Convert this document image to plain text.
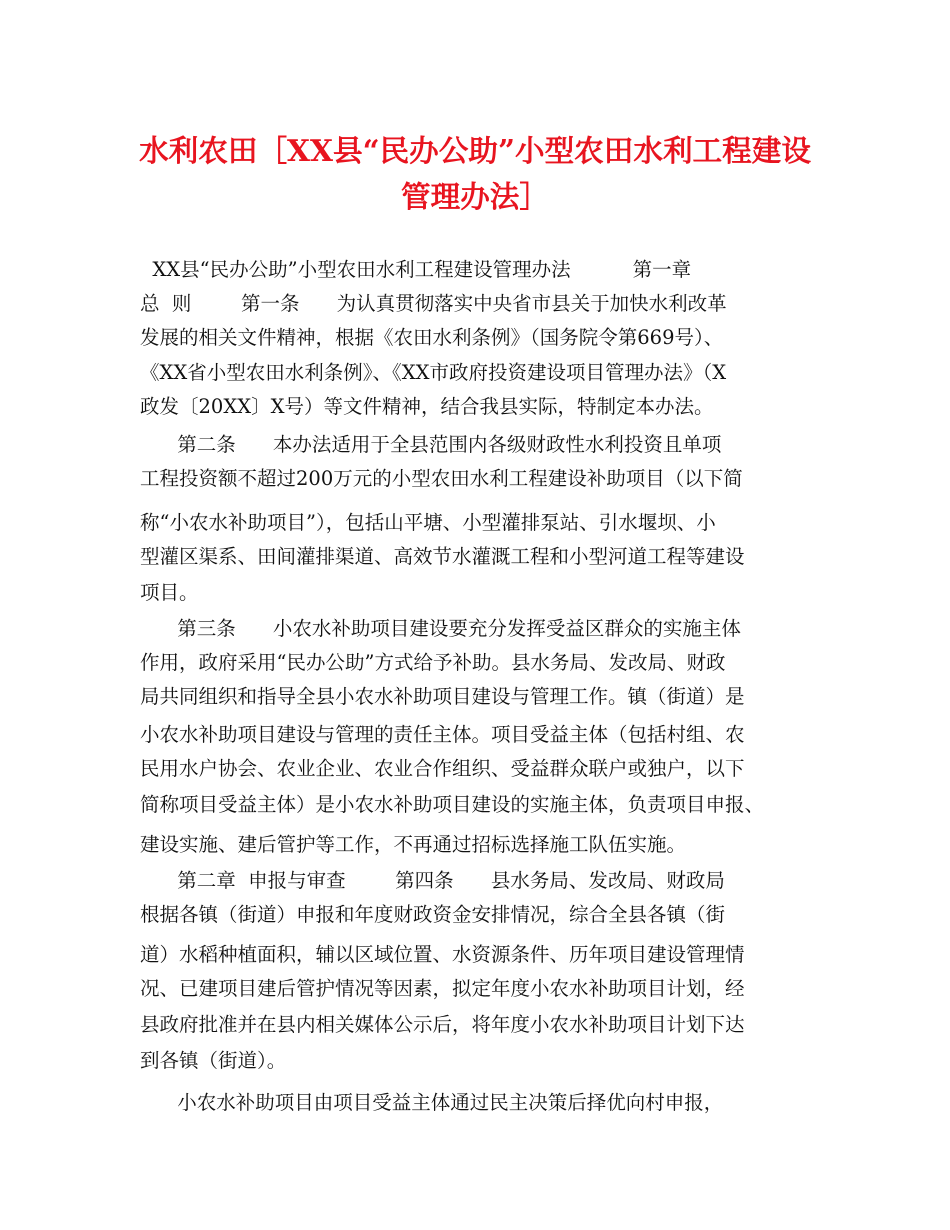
水利农田［XX县“民办公助”小型农田水利工程建设
管理办法］

XX县“民办公助”小型农田水利工程建设管理办法          第一章

总  则        第一条      为认真贯彻落实中央省市县关于加快水利改革

发展的相关文件精神，根据《农田水利条例》（国务院令第669号）、

《XX省小型农田水利条例》、《XX市政府投资建设项目管理办法》（X

政发〔20XX〕X号）等文件精神，结合我县实际，特制定本办法。

第二条      本办法适用于全县范围内各级财政性水利投资且单项

工程投资额不超过200万元的小型农田水利工程建设补助项目（以下简

称“小农水补助项目”），包括山平塘、小型灌排泵站、引水堰坝、小

型灌区渠系、田间灌排渠道、高效节水灌溉工程和小型河道工程等建设

项目。

第三条      小农水补助项目建设要充分发挥受益区群众的实施主体

作用，政府采用“民办公助”方式给予补助。县水务局、发改局、财政

局共同组织和指导全县小农水补助项目建设与管理工作。镇（街道）是

小农水补助项目建设与管理的责任主体。项目受益主体（包括村组、农

民用水户协会、农业企业、农业合作组织、受益群众联户或独户，以下

简称项目受益主体）是小农水补助项目建设的实施主体，负责项目申报、

建设实施、建后管护等工作，不再通过招标选择施工队伍实施。

第二章  申报与审查        第四条      县水务局、发改局、财政局

根据各镇（街道）申报和年度财政资金安排情况，综合全县各镇（街

道）水稻种植面积，辅以区域位置、水资源条件、历年项目建设管理情

况、已建项目建后管护情况等因素，拟定年度小农水补助项目计划，经

县政府批准并在县内相关媒体公示后，将年度小农水补助项目计划下达

到各镇（街道）。

小农水补助项目由项目受益主体通过民主决策后择优向村申报，
